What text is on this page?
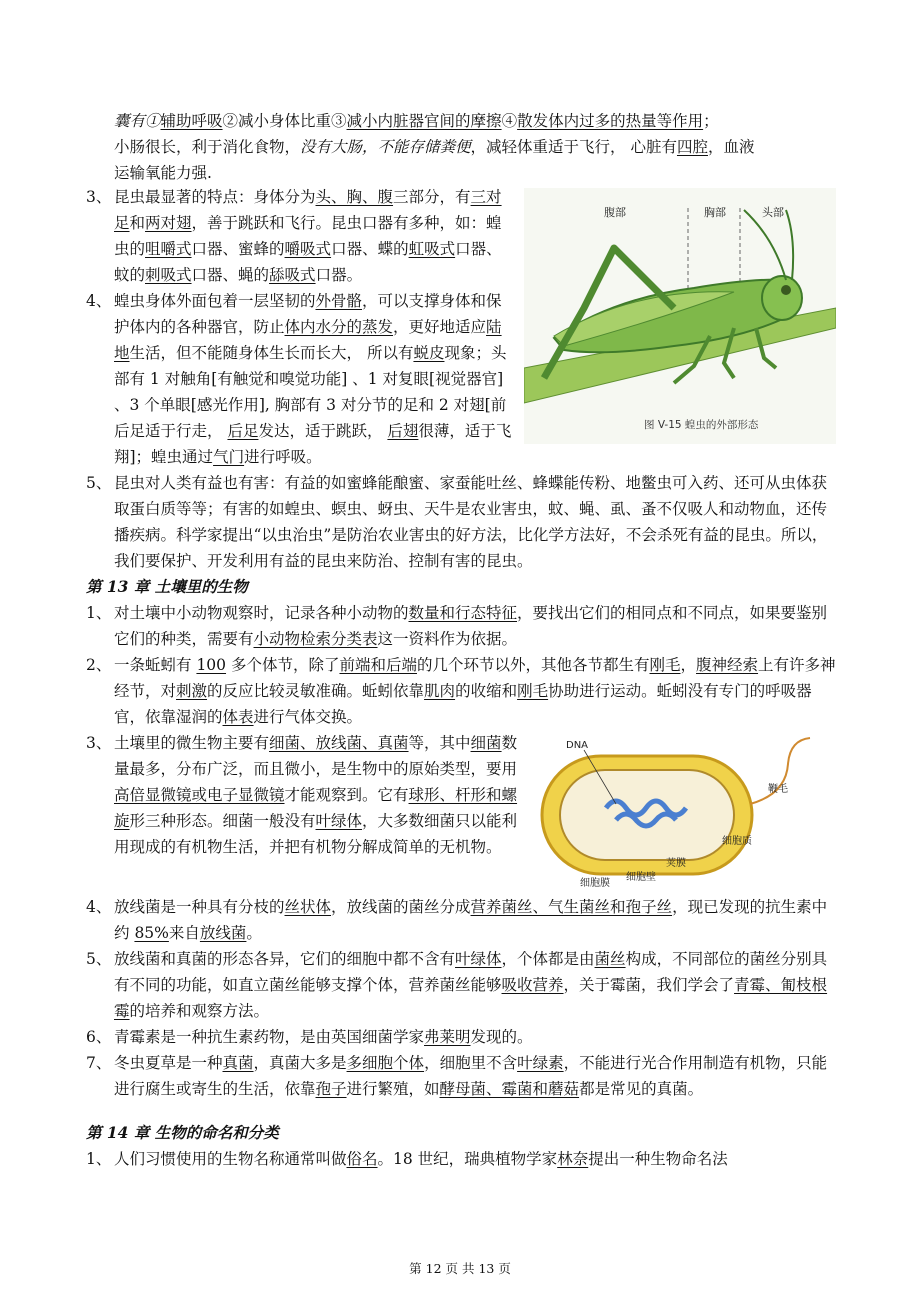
囊有①辅助呼吸②减小身体比重③减小内脏器官间的摩擦④散发体内过多的热量等作用；
小肠很长，利于消化食物，没有大肠，不能存储粪便，减轻体重适于飞行， 心脏有四腔，血液
运输氧能力强.
腹部	胸部	头部
图 V-15 蝗虫的外部形态
3、 昆虫最显著的特点：身体分为头、胸、腹三部分，有三对足和两对翅，善于跳跃和飞行。昆虫口器有多种，如：蝗虫的咀嚼式口器、蜜蜂的嚼吸式口器、蝶的虹吸式口器、蚊的刺吸式口器、蝇的舔吸式口器。
4、 蝗虫身体外面包着一层坚韧的外骨骼，可以支撑身体和保护体内的各种器官，防止体内水分的蒸发，更好地适应陆地生活，但不能随身体生长而长大， 所以有蜕皮现象；头部有 1 对触角[有触觉和嗅觉功能] 、1 对复眼[视觉器官] 、3 个单眼[感光作用], 胸部有 3 对分节的足和 2 对翅[前后足适于行走， 后足发达，适于跳跃， 后翅很薄，适于飞翔]；蝗虫通过气门进行呼吸。
5、 昆虫对人类有益也有害：有益的如蜜蜂能酿蜜、家蚕能吐丝、蜂蝶能传粉、地鳖虫可入药、还可从虫体获取蛋白质等等；有害的如蝗虫、螟虫、蚜虫、天牛是农业害虫，蚊、蝇、虱、蚤不仅吸人和动物血，还传播疾病。科学家提出“以虫治虫”是防治农业害虫的好方法，比化学方法好，不会杀死有益的昆虫。所以，我们要保护、开发利用有益的昆虫来防治、控制有害的昆虫。
第 13 章 土壤里的生物
1、 对土壤中小动物观察时，记录各种小动物的数量和行态特征，要找出它们的相同点和不同点，如果要鉴别它们的种类，需要有小动物检索分类表这一资料作为依据。
2、 一条蚯蚓有 100 多个体节，除了前端和后端的几个环节以外，其他各节都生有刚毛，腹神经索上有许多神经节，对刺激的反应比较灵敏准确。蚯蚓依靠肌肉的收缩和刚毛协助进行运动。蚯蚓没有专门的呼吸器官，依靠湿润的体表进行气体交换。
DNA
鞭毛
细胞质
荚膜
细胞壁
细胞膜
3、 土壤里的微生物主要有细菌、放线菌、真菌等，其中细菌数量最多，分布广泛，而且微小，是生物中的原始类型，要用高倍显微镜或电子显微镜才能观察到。它有球形、杆形和螺旋形三种形态。细菌一般没有叶绿体，大多数细菌只以能利用现成的有机物生活，并把有机物分解成简单的无机物。
4、 放线菌是一种具有分枝的丝状体，放线菌的菌丝分成营养菌丝、气生菌丝和孢子丝，现已发现的抗生素中约 85%来自放线菌。
5、 放线菌和真菌的形态各异，它们的细胞中都不含有叶绿体，个体都是由菌丝构成，不同部位的菌丝分别具有不同的功能，如直立菌丝能够支撑个体，营养菌丝能够吸收营养，关于霉菌，我们学会了青霉、匍枝根霉的培养和观察方法。
6、 青霉素是一种抗生素药物，是由英国细菌学家弗莱明发现的。
7、 冬虫夏草是一种真菌，真菌大多是多细胞个体，细胞里不含叶绿素，不能进行光合作用制造有机物，只能进行腐生或寄生的生活，依靠孢子进行繁殖，如酵母菌、霉菌和蘑菇都是常见的真菌。
第 14 章 生物的命名和分类
1、 人们习惯使用的生物名称通常叫做俗名。18 世纪，瑞典植物学家林奈提出一种生物命名法
第 12 页 共 13 页
